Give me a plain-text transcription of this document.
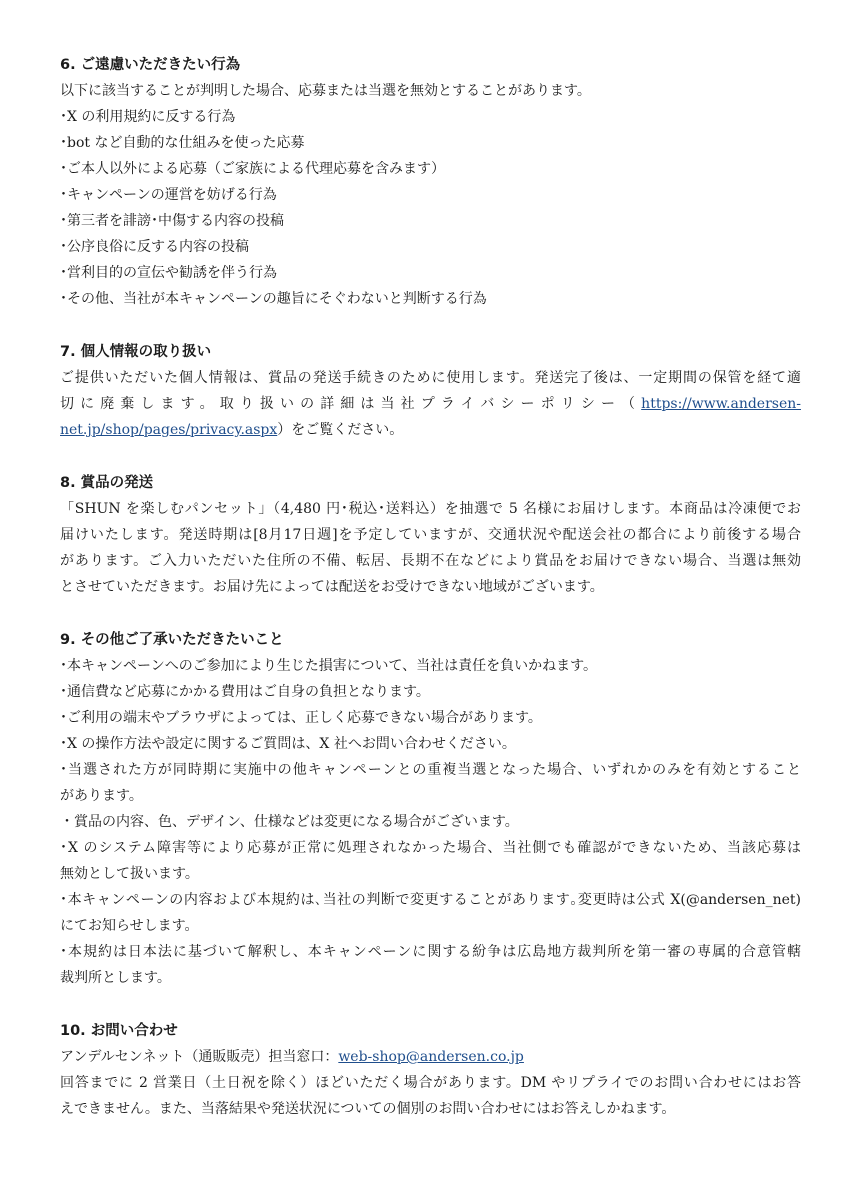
6. ご遠慮いただきたい行為
以下に該当することが判明した場合、応募または当選を無効とすることがあります。
･X の利用規約に反する行為
･bot など自動的な仕組みを使った応募
･ご本人以外による応募（ご家族による代理応募を含みます）
･キャンペーンの運営を妨げる行為
･第三者を誹謗･中傷する内容の投稿
･公序良俗に反する内容の投稿
･営利目的の宣伝や勧誘を伴う行為
･その他、当社が本キャンペーンの趣旨にそぐわないと判断する行為
7. 個人情報の取り扱い
ご提供いただいた個人情報は、賞品の発送手続きのために使用します。発送完了後は、一定期間の保管を経て適
切に廃棄します。取り扱いの詳細は当社プライバシーポリシー（https://www.andersen-
net.jp/shop/pages/privacy.aspx）をご覧ください。
8. 賞品の発送
「SHUN を楽しむパンセット」（4,480 円･税込･送料込）を抽選で 5 名様にお届けします。本商品は冷凍便でお
届けいたします。発送時期は[8月17日週]を予定していますが、交通状況や配送会社の都合により前後する場合
があります。ご入力いただいた住所の不備、転居、長期不在などにより賞品をお届けできない場合、当選は無効
とさせていただきます。お届け先によっては配送をお受けできない地域がございます。
9. その他ご了承いただきたいこと
･本キャンペーンへのご参加により生じた損害について、当社は責任を負いかねます。
･通信費など応募にかかる費用はご自身の負担となります。
･ご利用の端末やブラウザによっては、正しく応募できない場合があります。
･X の操作方法や設定に関するご質問は、X 社へお問い合わせください。
･当選された方が同時期に実施中の他キャンペーンとの重複当選となった場合、いずれかのみを有効とすること
があります。
・賞品の内容、色、デザイン、仕様などは変更になる場合がございます。
･X のシステム障害等により応募が正常に処理されなかった場合、当社側でも確認ができないため、当該応募は
無効として扱います。
･本キャンペーンの内容および本規約は､当社の判断で変更することがあります｡変更時は公式 X(@andersen_net)
にてお知らせします。
･本規約は日本法に基づいて解釈し、本キャンペーンに関する紛争は広島地方裁判所を第一審の専属的合意管轄
裁判所とします。
10. お問い合わせ
アンデルセンネット（通販販売）担当窓口：web-shop@andersen.co.jp
回答までに 2 営業日（土日祝を除く）ほどいただく場合があります。DM やリプライでのお問い合わせにはお答
えできません。また、当落結果や発送状況についての個別のお問い合わせにはお答えしかねます。
